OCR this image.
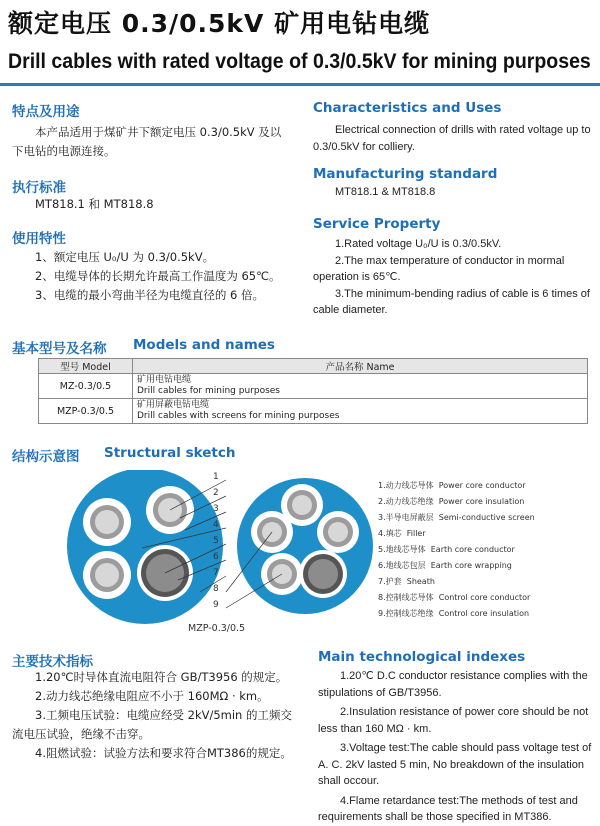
额定电压 0.3/0.5kV 矿用电钻电缆
Drill cables with rated voltage of 0.3/0.5kV for mining purposes
特点及用途
本产品适用于煤矿井下额定电压 0.3/0.5kV 及以下电钻的电源连接。
执行标准
MT818.1 和 MT818.8
使用特性
1、额定电压 U₀/U 为 0.3/0.5kV。
2、电缆导体的长期允许最高工作温度为 65℃。
3、电缆的最小弯曲半径为电缆直径的 6 倍。
Characteristics and Uses
Electrical connection of drills with rated voltage up to 0.3/0.5kV for colliery.
Manufacturing standard
MT818.1 & MT818.8
Service Property
1.Rated voltage U₀/U is 0.3/0.5kV.
2.The max temperature of conductor in mormal operation is 65℃.
3.The minimum-bending radius of cable is 6 times of cable diameter.
基本型号及名称 Models and names
型号 Model	产品名称 Name
MZ-0.3/0.5	矿用电钻电缆
Drill cables for mining purposes

MZP-0.3/0.5	矿用屏蔽电钻电缆
Drill cables with screens for mining purposes
结构示意图 Structural sketch
1
2
3
4
5
6
7
8
9
MZP-0.3/0.5
1.动力线芯导体 Power core conductor
2.动力线芯绝缘 Power core insulation
3.半导电屏蔽层 Semi-conductive screen
4.填芯 Filler
5.地线芯导体 Earth core conductor
6.地线芯包层 Earth core wrapping
7.护套 Sheath
8.控制线芯导体 Control core conductor
9.控制线芯绝缘 Control core insulation
主要技术指标
1.20℃时导体直流电阻符合 GB/T3956 的规定。
2.动力线芯绝缘电阻应不小于 160MΩ · km。
3.工频电压试验：电缆应经受 2kV/5min 的工频交流电压试验，绝缘不击穿。
4.阻燃试验：试验方法和要求符合MT386的规定。
Main technological indexes
1.20℃ D.C conductor resistance complies with the stipulations of GB/T3956.
2.Insulation resistance of power core should be not less than 160 MΩ · km.
3.Voltage test:The cable should pass voltage test of A. C. 2kV lasted 5 min, No breakdown of the insulation shall occour.
4.Flame retardance test:The methods of test and requirements shall be those specified in MT386.
